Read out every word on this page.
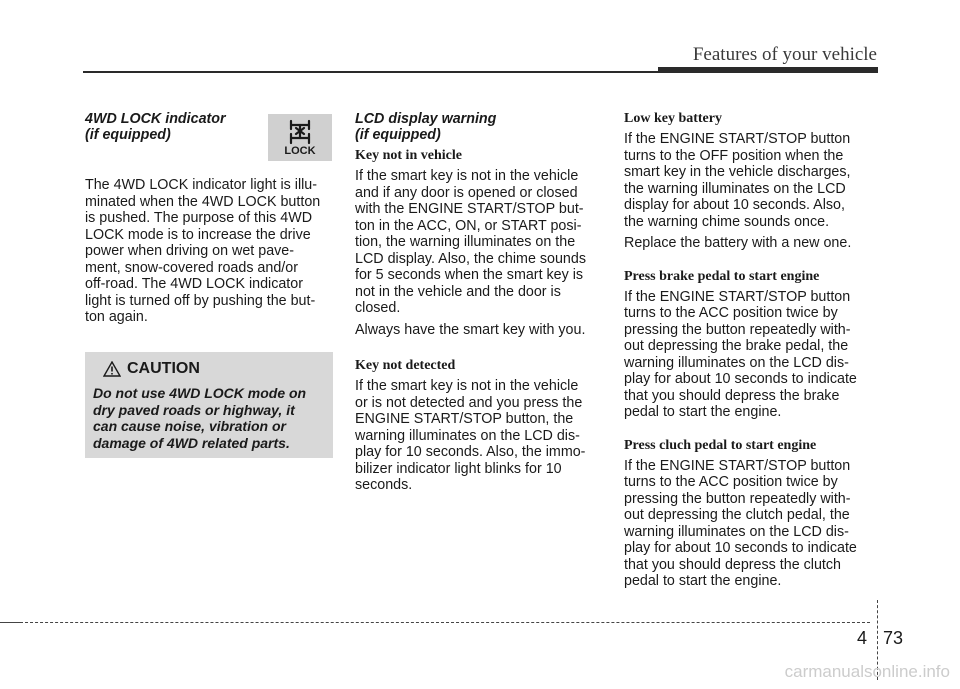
Features of your vehicle

4WD LOCK indicator
(if equipped)

The 4WD LOCK indicator light is illu-
minated when the 4WD LOCK button
is pushed. The purpose of this 4WD
LOCK mode is to increase the drive
power when driving on wet pave-
ment, snow-covered roads and/or
off-road. The 4WD LOCK indicator
light is turned off by pushing the but-
ton again.

LOCK
CAUTION
Do not use 4WD LOCK mode on
dry paved roads or highway, it
can cause noise, vibration or
damage of 4WD related parts.

LCD display warning
(if equipped)

Key not in vehicle

If the smart key is not in the vehicle
and if any door is opened or closed
with the ENGINE START/STOP but-
ton in the ACC, ON, or START posi-
tion, the warning illuminates on the
LCD display. Also, the chime sounds
for 5 seconds when the smart key is
not in the vehicle and the door is
closed.

Always have the smart key with you.

Key not detected

If the smart key is not in the vehicle
or is not detected and you press the
ENGINE START/STOP button, the
warning illuminates on the LCD dis-
play for 10 seconds. Also, the immo-
bilizer indicator light blinks for 10
seconds.

Low key battery

If the ENGINE START/STOP button
turns to the OFF position when the
smart key in the vehicle discharges,
the warning illuminates on the LCD
display for about 10 seconds. Also,
the warning chime sounds once.

Replace the battery with a new one.

Press brake pedal to start engine

If the ENGINE START/STOP button
turns to the ACC position twice by
pressing the button repeatedly with-
out depressing the brake pedal, the
warning illuminates on the LCD dis-
play for about 10 seconds to indicate
that you should depress the brake
pedal to start the engine.

Press cluch pedal to start engine

If the ENGINE START/STOP button
turns to the ACC position twice by
pressing the button repeatedly with-
out depressing the clutch pedal, the
warning illuminates on the LCD dis-
play for about 10 seconds to indicate
that you should depress the clutch
pedal to start the engine.

4 73
carmanualsonline.info
